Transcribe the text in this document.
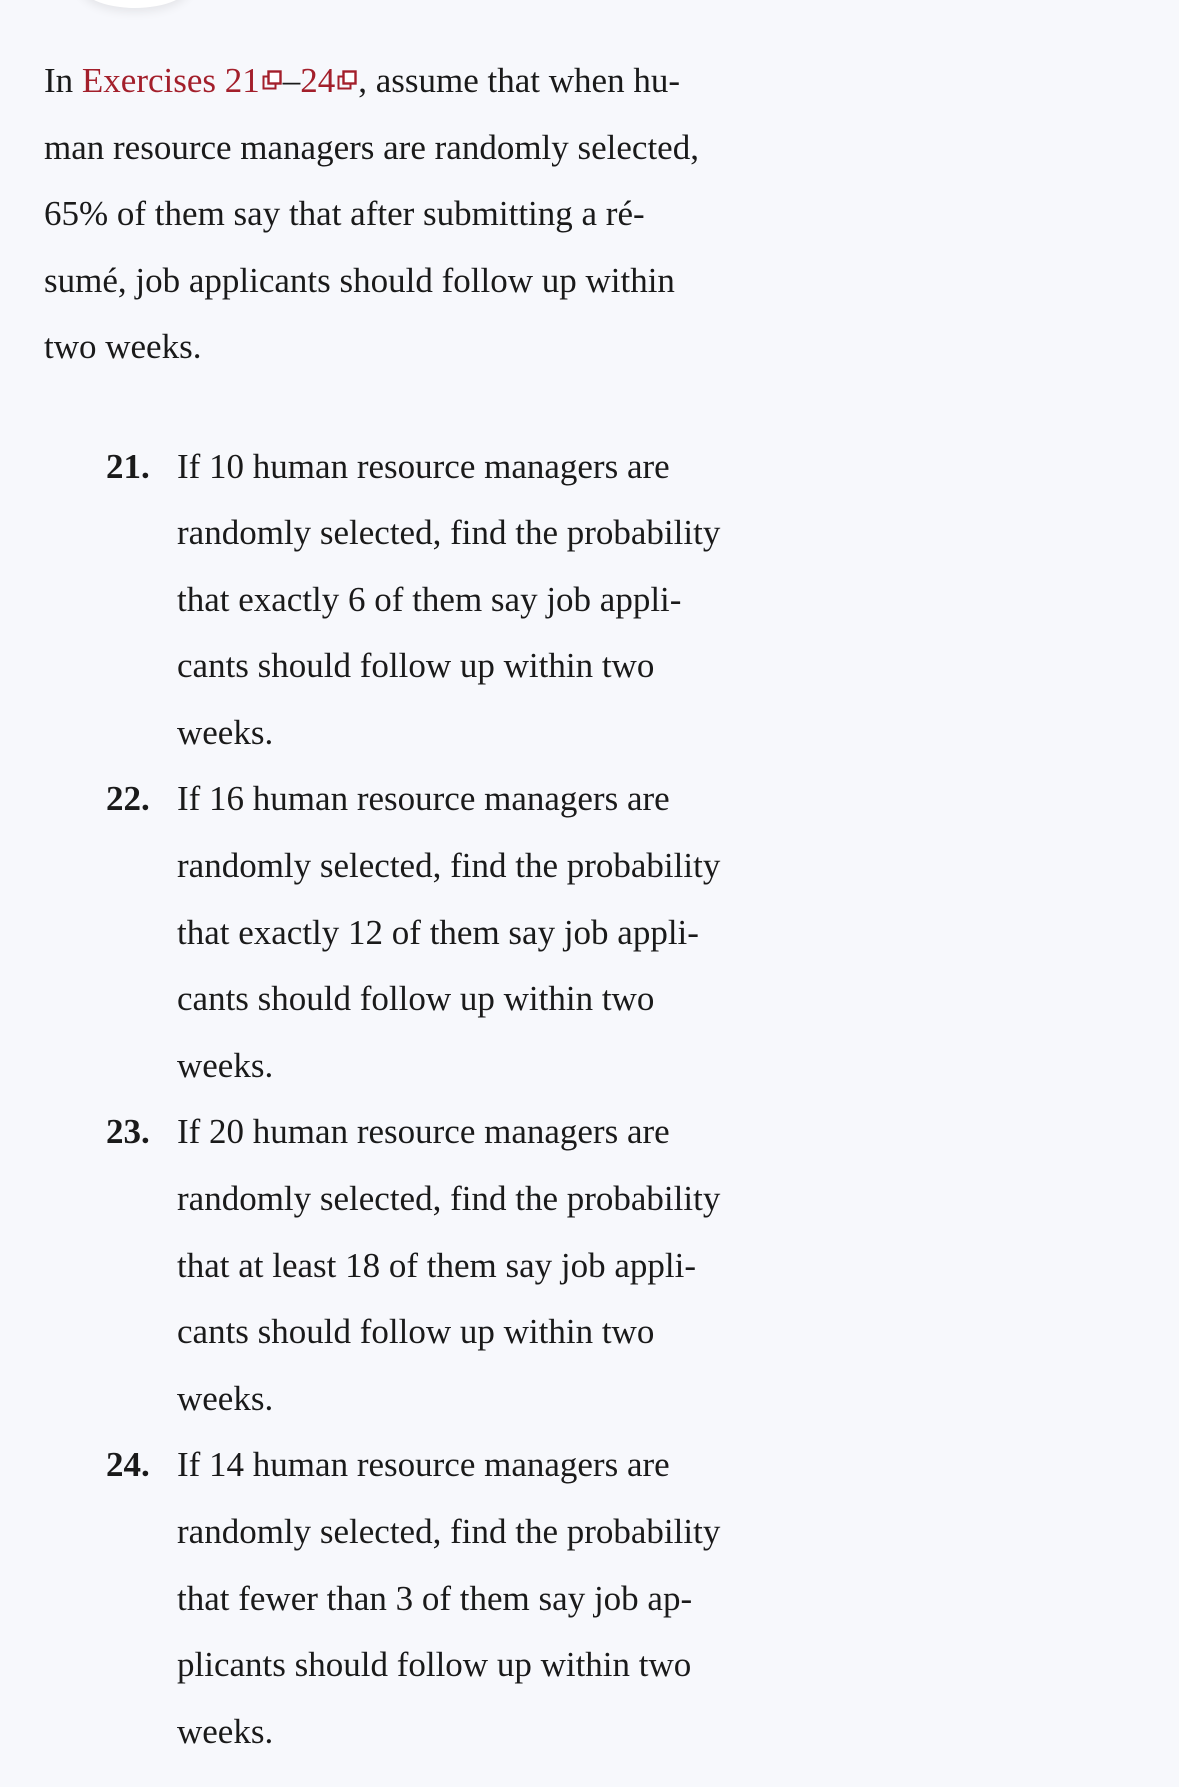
In Exercises 21 –24 , assume that when hu-
man resource managers are randomly selected,
65% of them say that after submitting a ré-
sumé, job applicants should follow up within
two weeks.

21. If 10 human resource managers are
randomly selected, find the probability
that exactly 6 of them say job appli-
cants should follow up within two
weeks.
22. If 16 human resource managers are
randomly selected, find the probability
that exactly 12 of them say job appli-
cants should follow up within two
weeks.
23. If 20 human resource managers are
randomly selected, find the probability
that at least 18 of them say job appli-
cants should follow up within two
weeks.
24. If 14 human resource managers are
randomly selected, find the probability
that fewer than 3 of them say job ap-
plicants should follow up within two
weeks.
